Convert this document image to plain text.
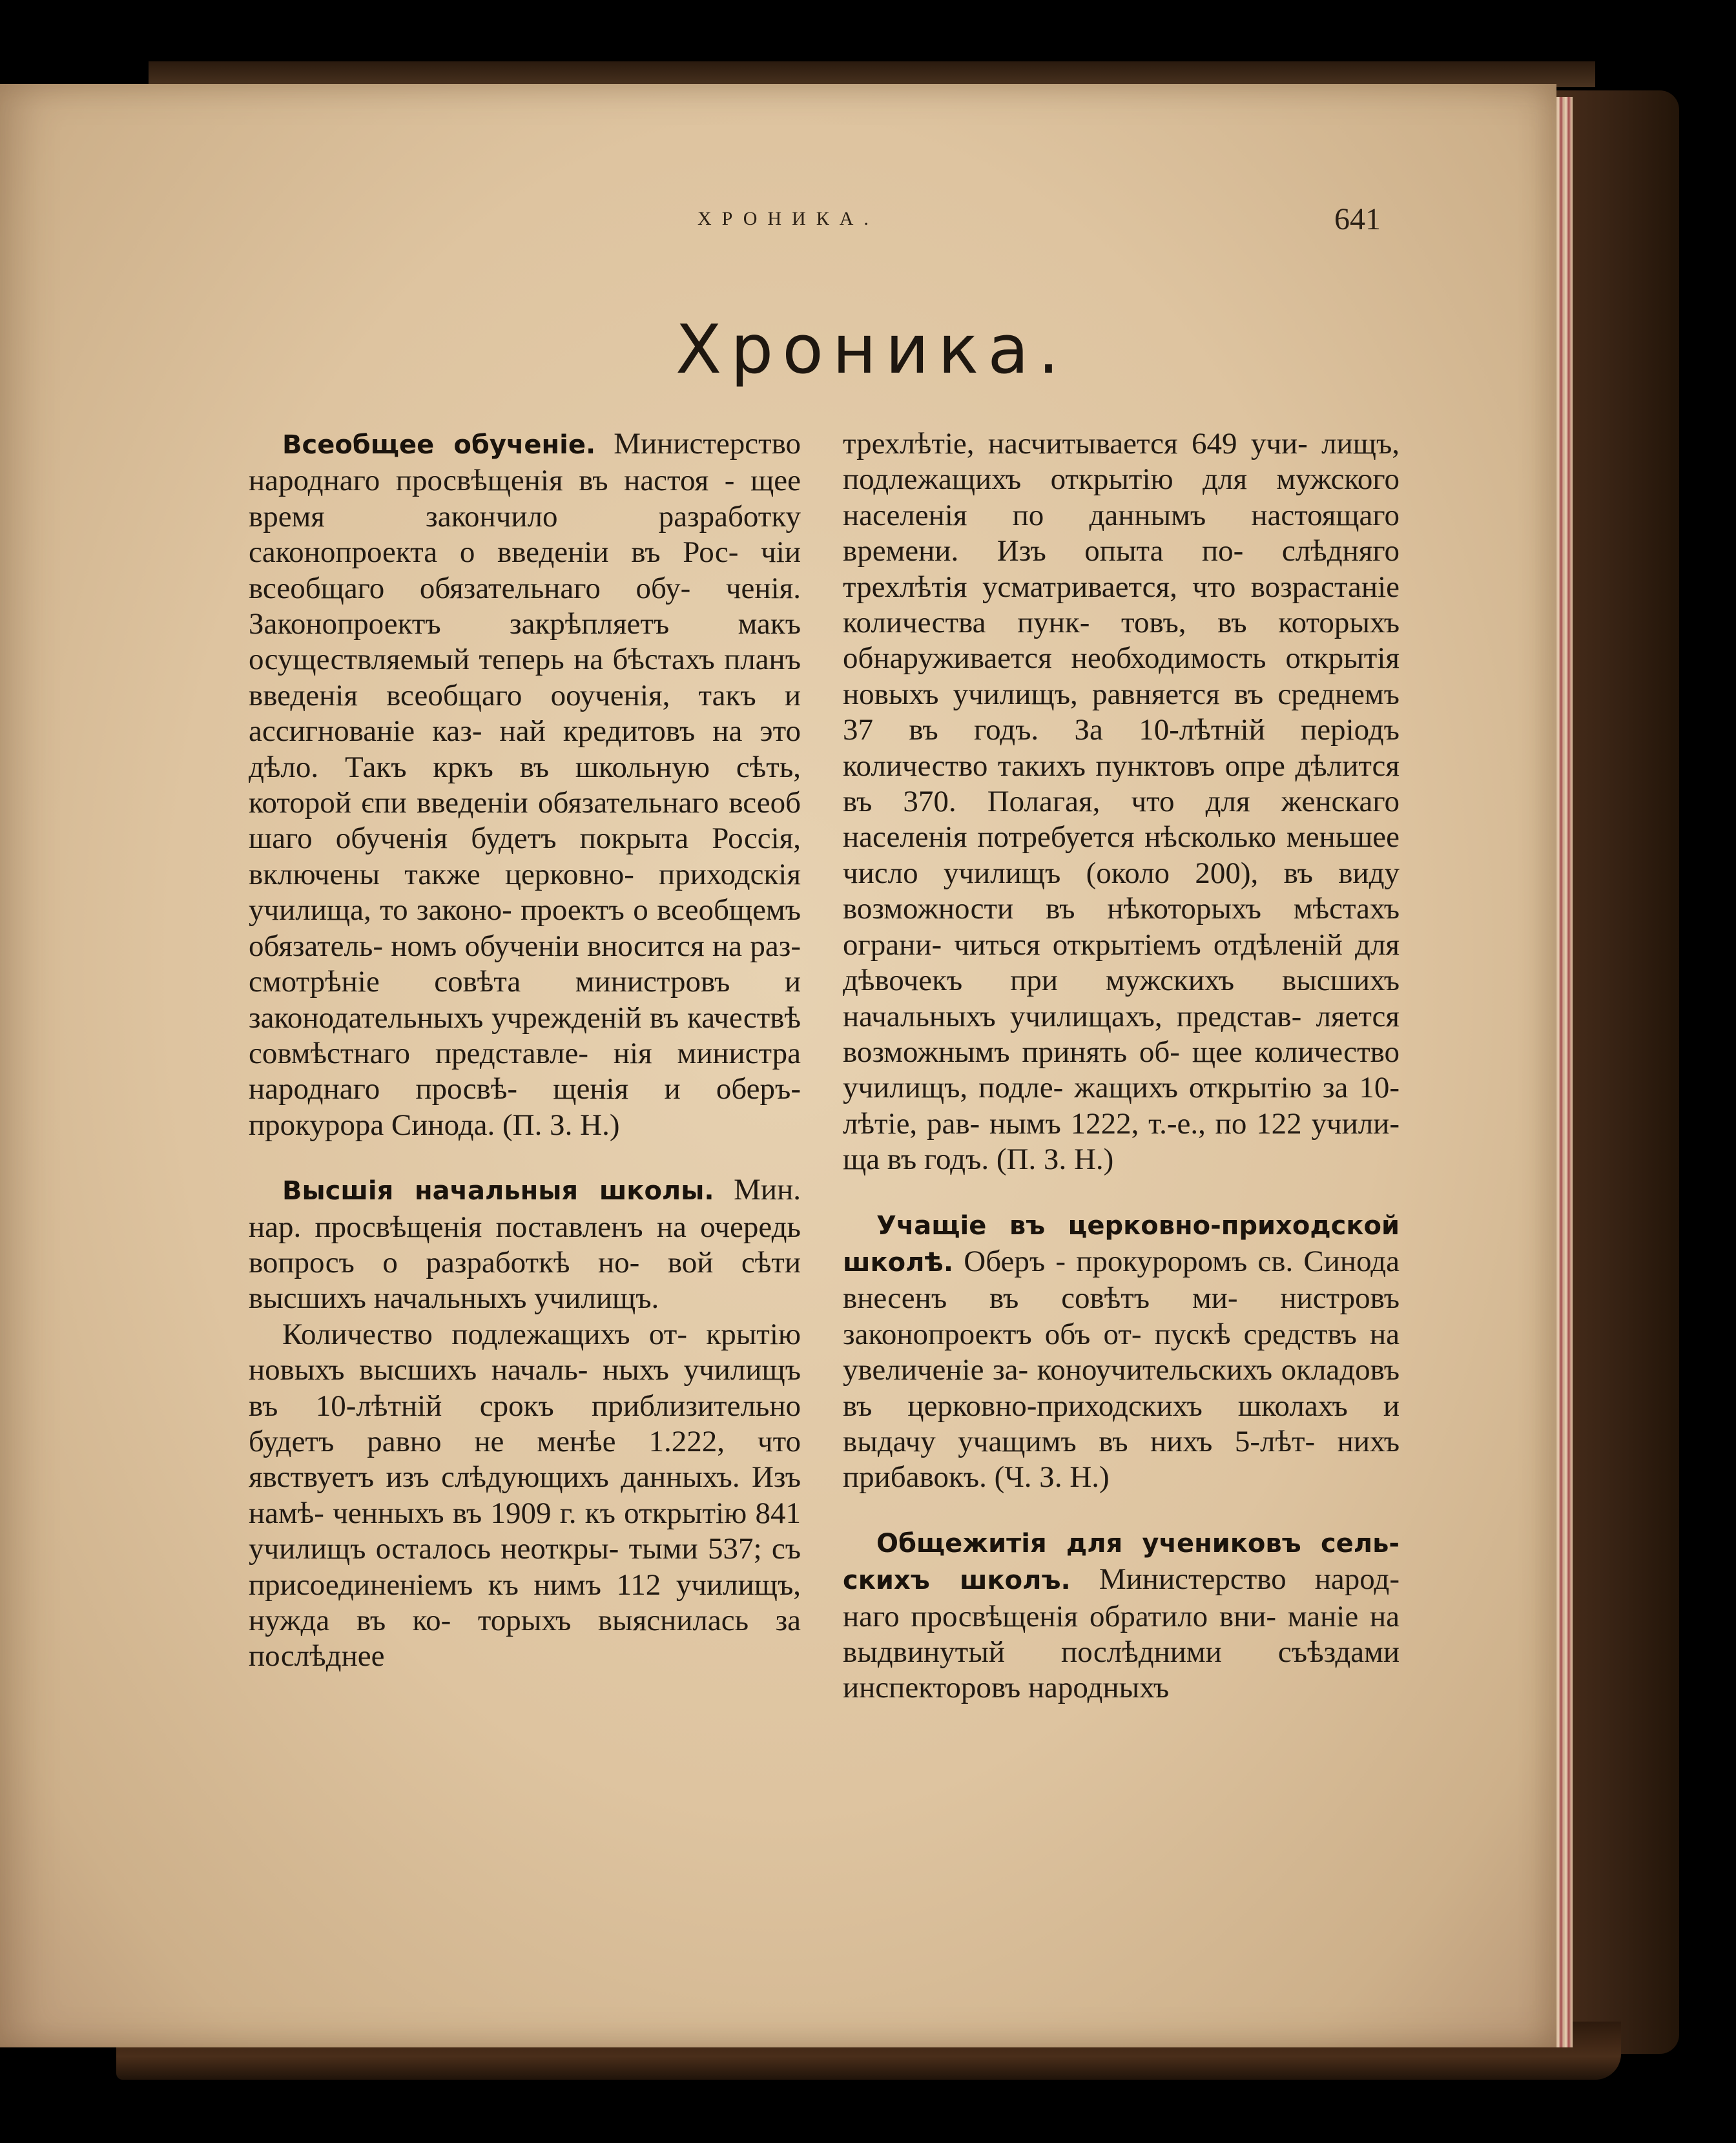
ХРОНИКА.	641
Хроника.

Всеобщее обученіе. Министерство народнаго просвѣщенія въ настоя - щее время закончило разработку сaконопроекта о введеніи въ Рос- чіи всеобщаго обязательнаго обу- ченія. Законопроектъ закрѣпляетъ макъ осуществляемый теперь на бѣстахъ планъ введенія всеобщаго ооученія, такъ и ассигнованіе каз- най кредитовъ на это дѣло. Такъ кркъ въ школьную сѣть, которой єпи введеніи обязательнаго всеоб шаго обученія будетъ покрыта Россія, включены также церковно- приходскія училища, то законо- проектъ о всеобщемъ обязатель- номъ обученіи вносится на рaз- смотрѣніе совѣта министровъ и законодательныхъ учрежденій въ качествѣ совмѣстнаго представле- нія министра народнаго просвѣ- щенія и оберъ-прокурора Синода. (П. З. Н.)

Высшія начальныя школы. Мин. нар. просвѣщенія поставленъ на очередь вопросъ о разработкѣ но- вой сѣти высшихъ начальныхъ училищъ.

Количество подлежащихъ от- крытію новыхъ высшихъ началь- ныхъ училищъ въ 10-лѣтній срокъ приблизительно будетъ равно не менѣе 1.222, что явствуетъ изъ слѣдующихъ данныхъ. Изъ намѣ- ченныхъ въ 1909 г. къ открытію 841 училищъ осталось неоткры- тыми 537; съ присоединеніемъ къ нимъ 112 училищъ, нужда въ ко- торыхъ выяснилась за послѣднее

трехлѣтіе, насчитывается 649 учи- лищъ, подлежащихъ открытію для мужского населенія по даннымъ настоящаго времени. Изъ опыта по- слѣдняго трехлѣтія усматривается, что возрастаніе количества пунк- товъ, въ которыхъ обнаруживается необходимость открытія новыхъ училищъ, равняется въ среднемъ 37 въ годъ. За 10-лѣтній періодъ количество такихъ пунктовъ опре дѣлится въ 370. Полагая, что для женскаго населенія потребуется нѣсколько меньшее число училищъ (около 200), въ виду возможности въ нѣкоторыхъ мѣстахъ ограни- читься открытіемъ отдѣленій для дѣвочекъ при мужскихъ высшихъ начальныхъ училищахъ, представ- ляется возможнымъ принять об- щее количество училищъ, подле- жащихъ открытію за 10-лѣтіе, рав- нымъ 1222, т.-е., по 122 учили- ща въ годъ. (П. З. Н.)

Учащіе въ церковно-приходской школѣ. Оберъ - прокуроромъ св. Синода внесенъ въ совѣтъ ми- нистровъ законопроектъ объ от- пускѣ средствъ на увеличеніе за- коноучительскихъ окладовъ въ церковно-приходскихъ школахъ и выдачу учащимъ въ нихъ 5-лѣт- нихъ прибавокъ. (Ч. З. Н.)

Общежитія для учениковъ сель- скихъ школъ. Министерство народ- наго просвѣщенія обратило вни- маніе на выдвинутый послѣдними съѣздами инспекторовъ народныхъ
